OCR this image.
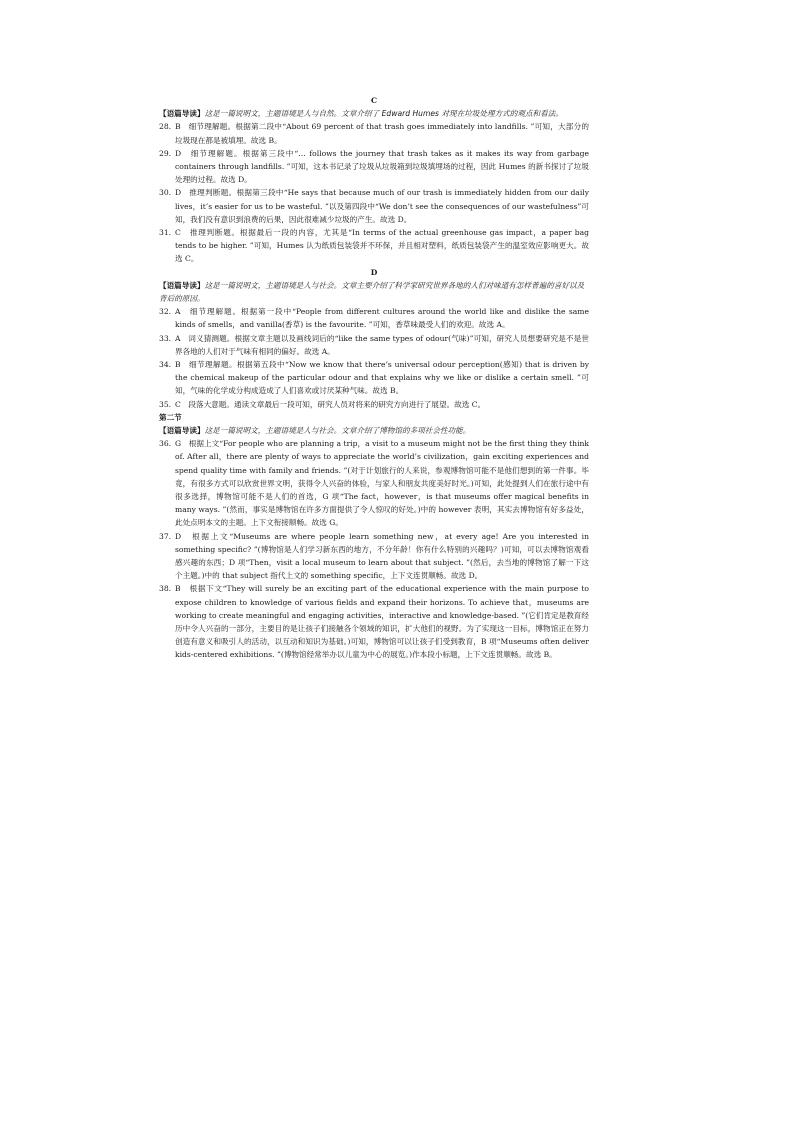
C

【语篇导读】这是一篇说明文，主题语境是人与自然。文章介绍了 Edward Humes 对现在垃圾处理方式的观点和看法。

28. B　细节理解题。根据第二段中“About 69 percent of that trash goes immediately into landfills. ”可知，大部分的垃圾现在都是被填埋。故选 B。
29. D　细节理解题。根据第三段中“… follows the journey that trash takes as it makes its way from garbage containers through landfills. ”可知，这本书记录了垃圾从垃圾箱到垃圾填埋场的过程，因此 Humes 的新书探讨了垃圾处理的过程。故选 D。
30. D　推理判断题。根据第三段中“He says that because much of our trash is immediately hidden from our daily lives，it’s easier for us to be wasteful. ”以及第四段中“We don’t see the consequences of our wastefulness”可知，我们没有意识到浪费的后果，因此很难减少垃圾的产生。故选 D。
31. C　推理判断题。根据最后一段的内容，尤其是“In terms of the actual greenhouse gas impact，a paper bag tends to be higher. ”可知，Humes 认为纸质包装袋并不环保，并且相对塑料，纸质包装袋产生的温室效应影响更大。故选 C。
D

【语篇导读】这是一篇说明文，主题语境是人与社会。文章主要介绍了科学家研究世界各地的人们对味道有怎样普遍的喜好以及背后的原因。

32. A　细节理解题。根据第一段中“People from different cultures around the world like and dislike the same kinds of smells，and vanilla(香草) is the favourite. ”可知，香草味最受人们的欢迎。故选 A。
33. A　词义猜测题。根据文章主题以及画线词后的“like the same types of odour(气味)”可知，研究人员想要研究是不是世界各地的人们对于气味有相同的偏好。故选 A。
34. B　细节理解题。根据第五段中“Now we know that there’s universal odour perception(感知) that is driven by the chemical makeup of the particular odour and that explains why we like or dislike a certain smell. ”可知，气味的化学成分构成造成了人们喜欢或讨厌某种气味。故选 B。
35. C　段落大意题。通读文章最后一段可知，研究人员对将来的研究方向进行了展望。故选 C。
第二节

【语篇导读】这是一篇说明文，主题语境是人与社会。文章介绍了博物馆的多项社会性功能。

36. G　根据上文“For people who are planning a trip，a visit to a museum might not be the first thing they think of. After all，there are plenty of ways to appreciate the world’s civilization，gain exciting experiences and spend quality time with family and friends. ”(对于计划旅行的人来说，参观博物馆可能不是他们想到的第一件事。毕竟，有很多方式可以欣赏世界文明，获得令人兴奋的体验，与家人和朋友共度美好时光。)可知，此处提到人们在旅行途中有很多选择，博物馆可能不是人们的首选，G 项“The fact，however，is that museums offer magical benefits in many ways. ”(然而，事实是博物馆在许多方面提供了令人惊叹的好处。)中的 however 表明，其实去博物馆有好多益处，此处点明本文的主题。上下文衔接顺畅。故选 G。
37. D　根据上文“Museums are where people learn something new，at every age! Are you interested in something specific? ”(博物馆是人们学习新东西的地方，不分年龄！你有什么特别的兴趣吗？)可知，可以去博物馆观看感兴趣的东西；D 项“Then，visit a local museum to learn about that subject. ”(然后，去当地的博物馆了解一下这个主题。)中的 that subject 指代上文的 something specific，上下文连贯顺畅。故选 D。
38. B　根据下文“They will surely be an exciting part of the educational experience with the main purpose to expose children to knowledge of various fields and expand their horizons. To achieve that，museums are working to create meaningful and engaging activities，interactive and knowledge-based. ”(它们肯定是教育经历中令人兴奋的一部分，主要目的是让孩子们接触各个领域的知识，扩大他们的视野。为了实现这一目标，博物馆正在努力创造有意义和吸引人的活动，以互动和知识为基础。)可知，博物馆可以让孩子们受到教育，B 项“Museums often deliver kids-centered exhibitions. ”(博物馆经常举办以儿童为中心的展览。)作本段小标题，上下文连贯顺畅。故选 B。
